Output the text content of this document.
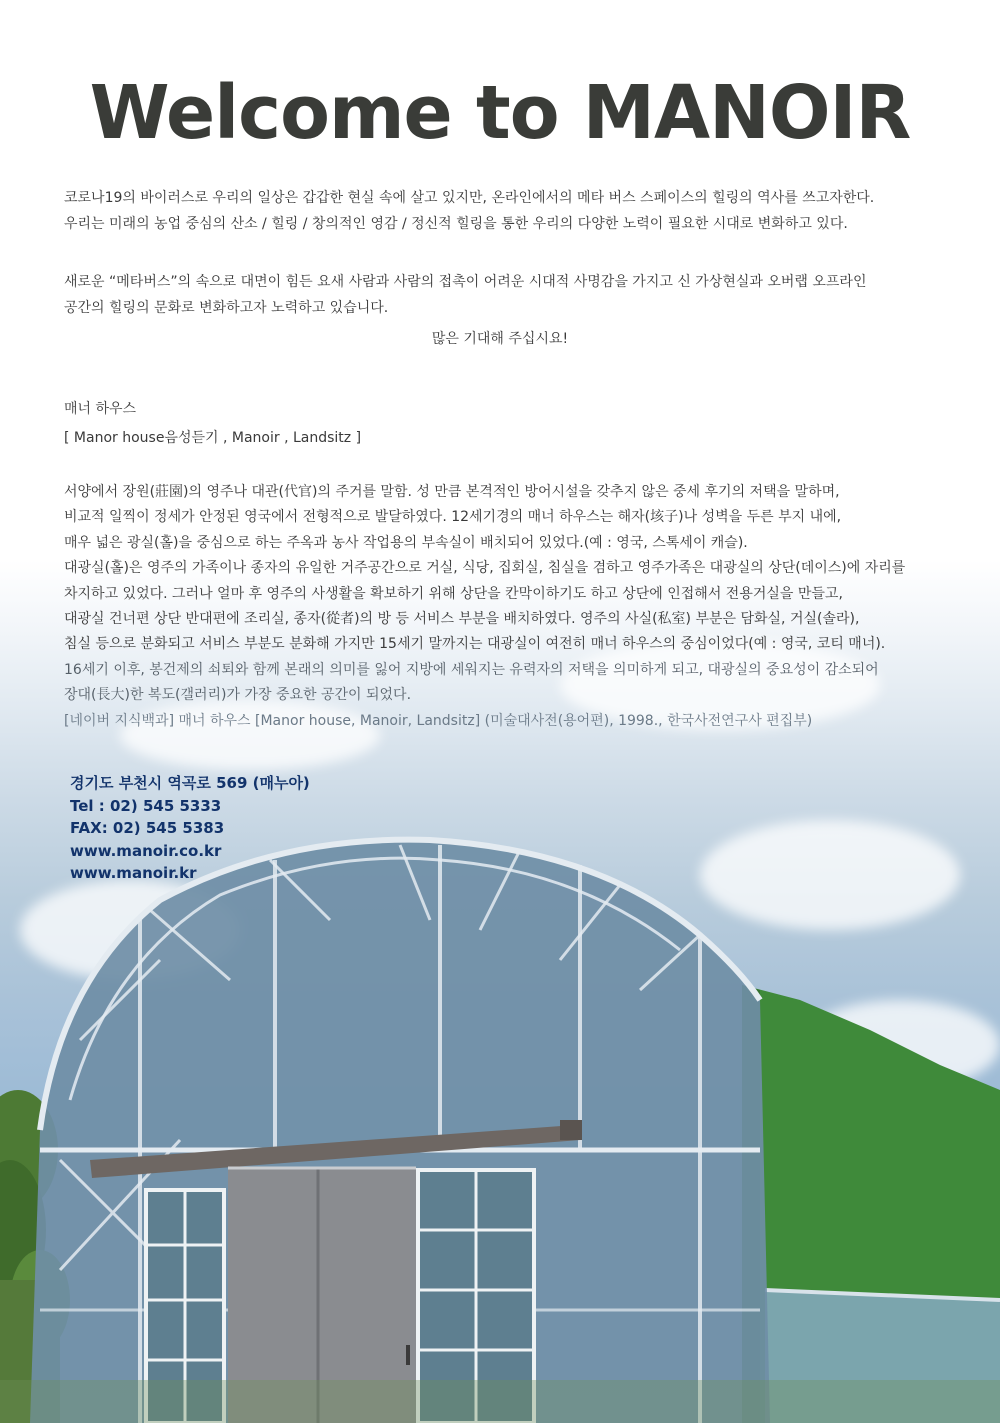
Welcome to MANOIR
코로나19의 바이러스로 우리의 일상은 갑갑한 현실 속에 살고 있지만, 온라인에서의 메타 버스 스페이스의 힐링의 역사를 쓰고자한다.
우리는 미래의 농업 중심의 산소 / 힐링 / 창의적인 영감 / 정신적 힐링을 통한 우리의 다양한 노력이 필요한 시대로 변화하고 있다.
새로운 “메타버스”의 속으로 대면이 힘든 요새 사람과 사람의 접촉이 어려운 시대적 사명감을 가지고 신 가상현실과 오버랩 오프라인
공간의 힐링의 문화로 변화하고자 노력하고 있습니다.
많은 기대해 주십시요!
매너 하우스
[ Manor house음성듣기 , Manoir , Landsitz ]
서양에서 장원(莊園)의 영주나 대관(代官)의 주거를 말함. 성 만큼 본격적인 방어시설을 갖추지 않은 중세 후기의 저택을 말하며,
비교적 일찍이 정세가 안정된 영국에서 전형적으로 발달하였다. 12세기경의 매너 하우스는 해자(垓子)나 성벽을 두른 부지 내에,
매우 넓은 광실(홀)을 중심으로 하는 주옥과 농사 작업용의 부속실이 배치되어 있었다.(예 : 영국, 스톡세이 캐슬).
대광실(홀)은 영주의 가족이나 종자의 유일한 거주공간으로 거실, 식당, 집회실, 침실을 겸하고 영주가족은 대광실의 상단(데이스)에 자리를
차지하고 있었다. 그러나 얼마 후 영주의 사생활을 확보하기 위해 상단을 칸막이하기도 하고 상단에 인접해서 전용거실을 만들고,
대광실 건너편 상단 반대편에 조리실, 종자(從者)의 방 등 서비스 부분을 배치하였다. 영주의 사실(私室) 부분은 담화실, 거실(솔라),
침실 등으로 분화되고 서비스 부분도 분화해 가지만 15세기 말까지는 대광실이 여전히 매너 하우스의 중심이었다(예 : 영국, 코티 매너).
16세기 이후, 봉건제의 쇠퇴와 함께 본래의 의미를 잃어 지방에 세워지는 유력자의 저택을 의미하게 되고, 대광실의 중요성이 감소되어
장대(長大)한 복도(갤러리)가 가장 중요한 공간이 되었다.
[네이버 지식백과] 매너 하우스 [Manor house, Manoir, Landsitz] (미술대사전(용어편), 1998., 한국사전연구사 편집부)
경기도 부천시 역곡로 569 (매누아)
Tel : 02) 545 5333
FAX: 02) 545 5383
www.manoir.co.kr
www.manoir.kr
